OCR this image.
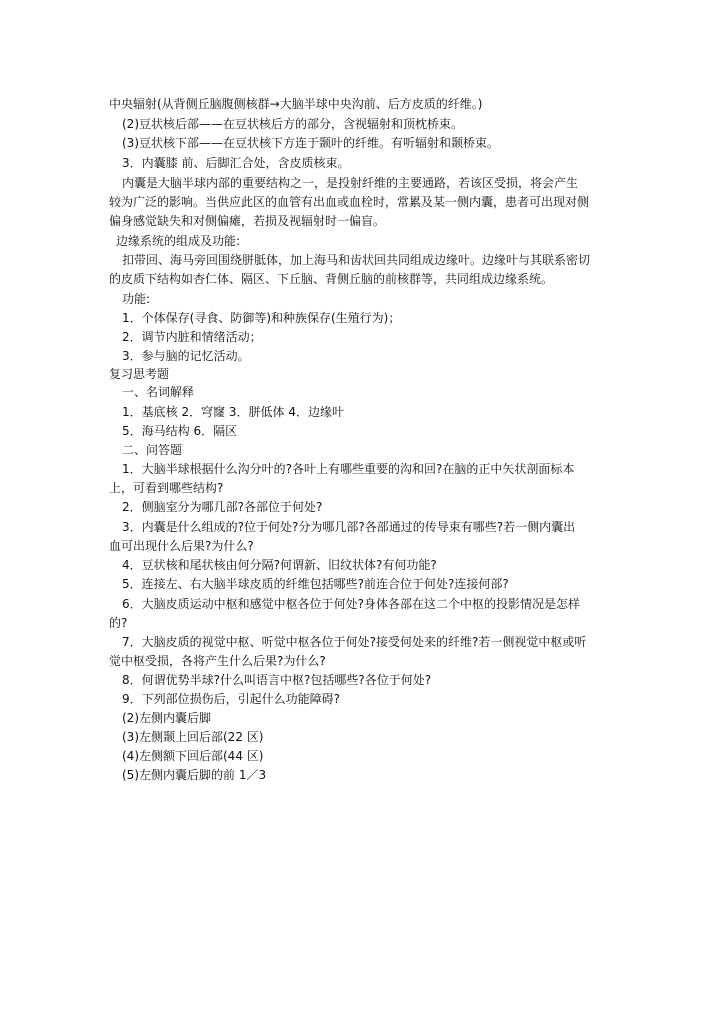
中央辐射(从背侧丘脑腹侧核群→大脑半球中央沟前、后方皮质的纤维。)
(2)豆状核后部——在豆状核后方的部分，含视辐射和顶枕桥束。
(3)豆状核下部——在豆状核下方连于颞叶的纤维。有听辐射和颞桥束。
3．内囊膝 前、后脚汇合处，含皮质核束。
内囊是大脑半球内部的重要结构之一，是投射纤维的主要通路，若该区受损，将会产生
较为广泛的影响。当供应此区的血管有出血或血栓时，常累及某一侧内囊，患者可出现对侧
偏身感觉缺失和对侧偏瘫，若损及视辐射时一偏盲。
边缘系统的组成及功能:
扣带回、海马旁回围绕胼胝体，加上海马和齿状回共同组成边缘叶。边缘叶与其联系密切
的皮质下结构如杏仁体、隔区、下丘脑、背侧丘脑的前核群等，共同组成边缘系统。
功能:
1．个体保存(寻食、防御等)和种族保存(生殖行为)；
2．调节内脏和情绪活动；
3．参与脑的记忆活动。
复习思考题
一、名词解释
1．基底核 2．穹窿 3．胼低体 4．边缘叶
5．海马结构 6．隔区
二、问答题
1．大脑半球根据什么沟分叶的?各叶上有哪些重要的沟和回?在脑的正中矢状剖面标本
上，可看到哪些结构?
2．侧脑室分为哪几部?各部位于何处?
3．内囊是什么组成的?位于何处?分为哪几部?各部通过的传导束有哪些?若一侧内囊出
血可出现什么后果?为什么?
4．豆状核和尾状核由何分隔?何谓新、旧纹状体?有何功能?
5．连接左、右大脑半球皮质的纤维包括哪些?前连合位于何处?连接何部?
6．大脑皮质运动中枢和感觉中枢各位于何处?身体各部在这二个中枢的投影情况是怎样
的?
7．大脑皮质的视觉中枢、听觉中枢各位于何处?接受何处来的纤维?若一侧视觉中枢或听
觉中枢受损，各将产生什么后果?为什么?
8．何谓优势半球?什么叫语言中枢?包括哪些?各位于何处?
9．下列部位损伤后，引起什么功能障碍?
(2)左侧内囊后脚
(3)左侧颞上回后部(22 区)
(4)左侧额下回后部(44 区)
(5)左侧内囊后脚的前 1／3
